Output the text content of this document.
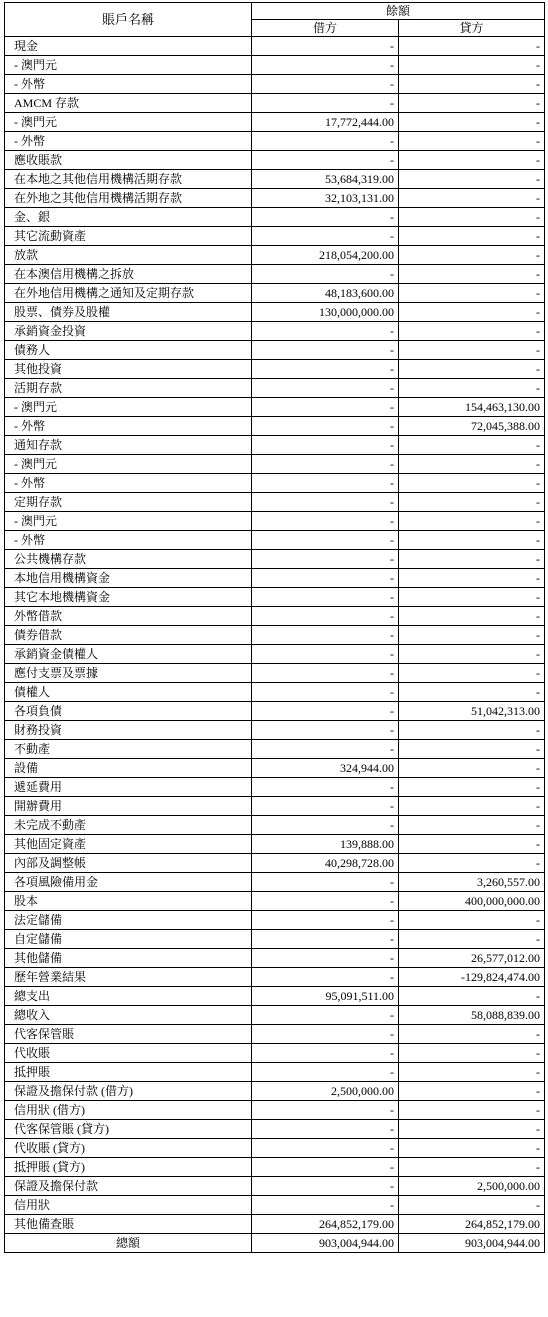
賬戶名稱	餘額	
	借方	貸方
現金	-	-
- 澳門元	-	-
- 外幣	-	-
AMCM 存款	-	-
- 澳門元	17,772,444.00	-
- 外幣	-	-
應收賬款	-	-
在本地之其他信用機構活期存款	53,684,319.00	-
在外地之其他信用機構活期存款	32,103,131.00	-
金、銀	-	-
其它流動資產	-	-
放款	218,054,200.00	-
在本澳信用機構之拆放	-	-
在外地信用機構之通知及定期存款	48,183,600.00	-
股票、債券及股權	130,000,000.00	-
承銷資金投資	-	-
債務人	-	-
其他投資	-	-
活期存款	-	-
- 澳門元	-	154,463,130.00
- 外幣	-	72,045,388.00
通知存款	-	-
- 澳門元	-	-
- 外幣	-	-
定期存款	-	-
- 澳門元	-	-
- 外幣	-	-
公共機構存款	-	-
本地信用機構資金	-	-
其它本地機構資金	-	-
外幣借款	-	-
債券借款	-	-
承銷資金債權人	-	-
應付支票及票據	-	-
債權人	-	-
各項負債	-	51,042,313.00
財務投資	-	-
不動產	-	-
設備	324,944.00	-
遞延費用	-	-
開辦費用	-	-
未完成不動產	-	-
其他固定資產	139,888.00	-
內部及調整帳	40,298,728.00	-
各項風險備用金	-	3,260,557.00
股本	-	400,000,000.00
法定儲備	-	-
自定儲備	-	-
其他儲備	-	26,577,012.00
歷年營業結果	-	-129,824,474.00
總支出	95,091,511.00	-
總收入	-	58,088,839.00
代客保管賬	-	-
代收賬	-	-
抵押賬	-	-
保證及擔保付款 (借方)	2,500,000.00	-
信用狀 (借方)	-	-
代客保管賬 (貸方)	-	-
代收賬 (貸方)	-	-
抵押賬 (貸方)	-	-
保證及擔保付款	-	2,500,000.00
信用狀	-	-
其他備查賬	264,852,179.00	264,852,179.00
總額	903,004,944.00	903,004,944.00
